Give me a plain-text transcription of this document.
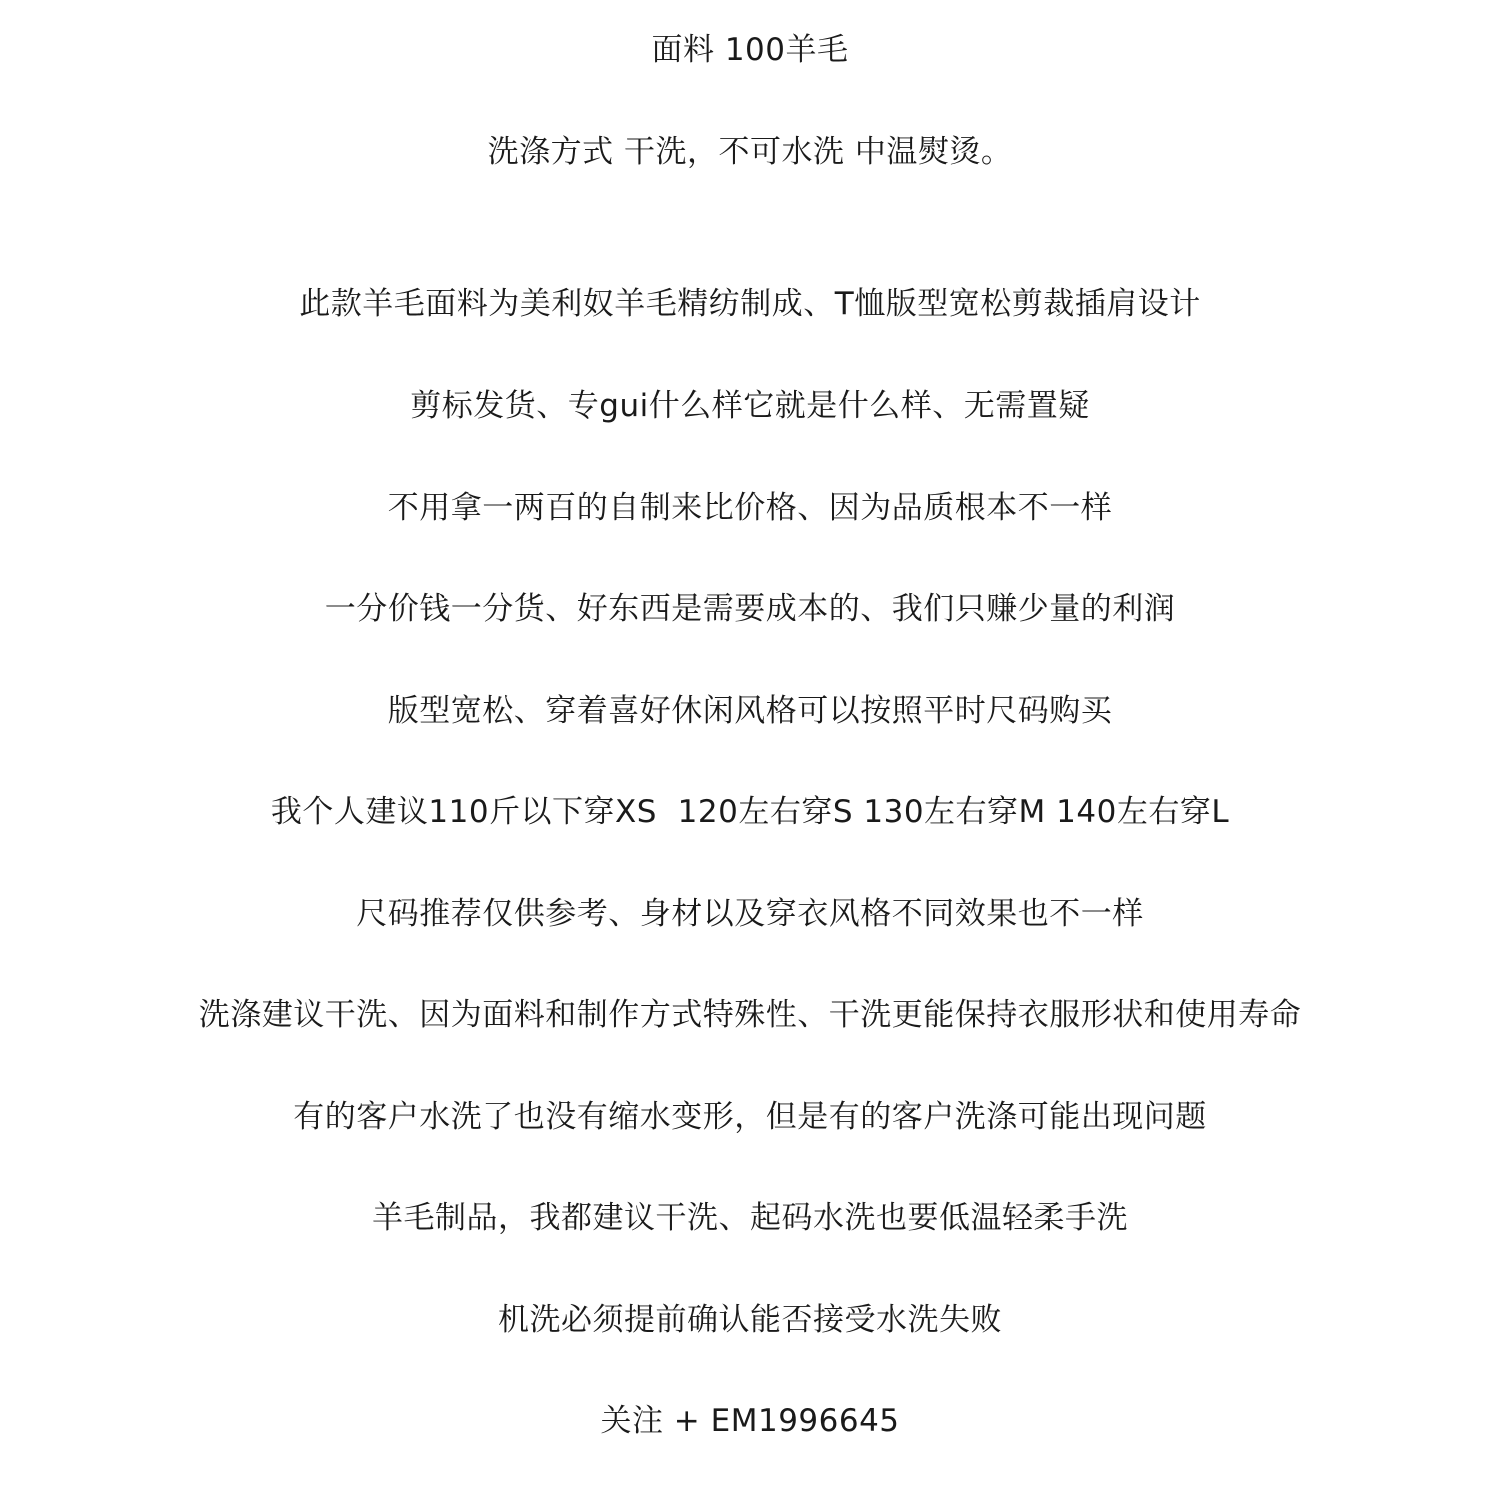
面料 100羊毛
洗涤方式 干洗，不可水洗 中温熨烫。
此款羊毛面料为美利奴羊毛精纺制成、T恤版型宽松剪裁插肩设计
剪标发货、专gui什么样它就是什么样、无需置疑
不用拿一两百的自制来比价格、因为品质根本不一样
一分价钱一分货、好东西是需要成本的、我们只赚少量的利润
版型宽松、穿着喜好休闲风格可以按照平时尺码购买
我个人建议110斤以下穿XS  120左右穿S 130左右穿M 140左右穿L
尺码推荐仅供参考、身材以及穿衣风格不同效果也不一样
洗涤建议干洗、因为面料和制作方式特殊性、干洗更能保持衣服形状和使用寿命
有的客户水洗了也没有缩水变形，但是有的客户洗涤可能出现问题
羊毛制品，我都建议干洗、起码水洗也要低温轻柔手洗
机洗必须提前确认能否接受水洗失败
关注 + EM1996645
